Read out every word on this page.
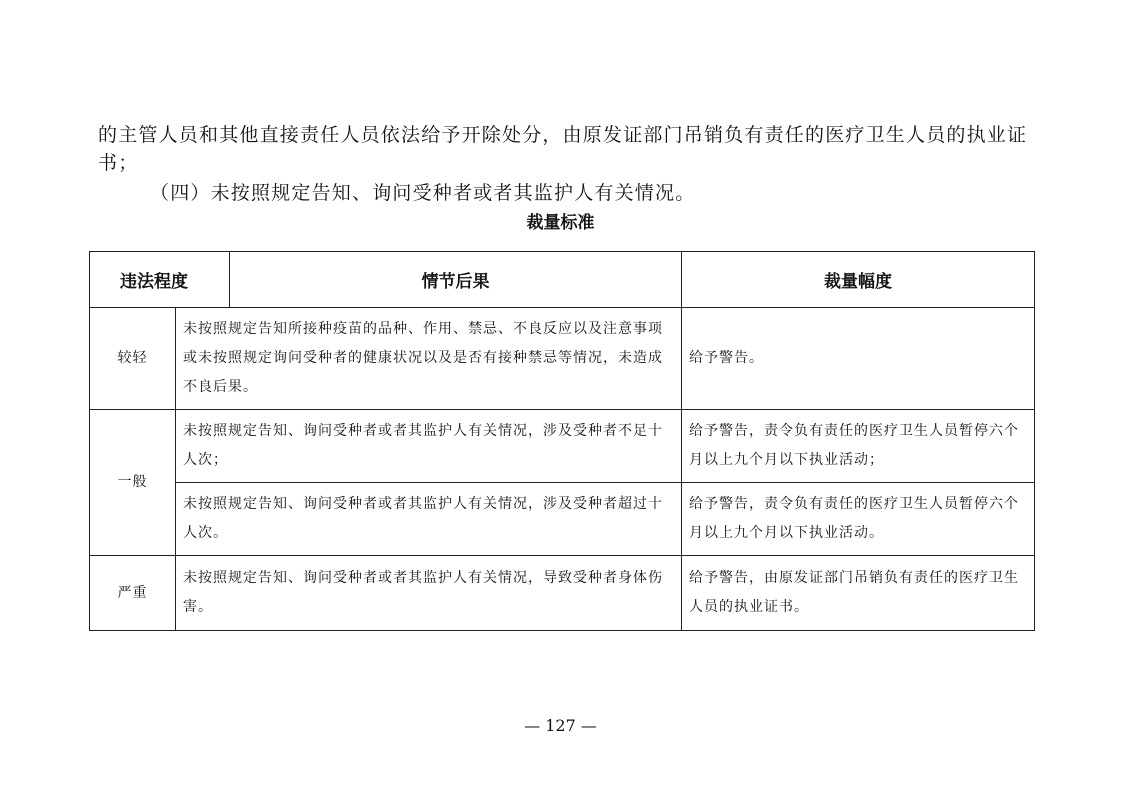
的主管人员和其他直接责任人员依法给予开除处分，由原发证部门吊销负有责任的医疗卫生人员的执业证书；

（四）未按照规定告知、询问受种者或者其监护人有关情况。

裁量标准
违法程度		情节后果	裁量幅度
较轻	未按照规定告知所接种疫苗的品种、作用、禁忌、不良反应以及注意事项或未按照规定询问受种者的健康状况以及是否有接种禁忌等情况，未造成不良后果。		给予警告。
一般	未按照规定告知、询问受种者或者其监护人有关情况，涉及受种者不足十人次；		给予警告，责令负有责任的医疗卫生人员暂停六个月以上九个月以下执业活动；
	未按照规定告知、询问受种者或者其监护人有关情况，涉及受种者超过十人次。		给予警告，责令负有责任的医疗卫生人员暂停六个月以上九个月以下执业活动。
严重	未按照规定告知、询问受种者或者其监护人有关情况，导致受种者身体伤害。		给予警告，由原发证部门吊销负有责任的医疗卫生人员的执业证书。
— 127 —
